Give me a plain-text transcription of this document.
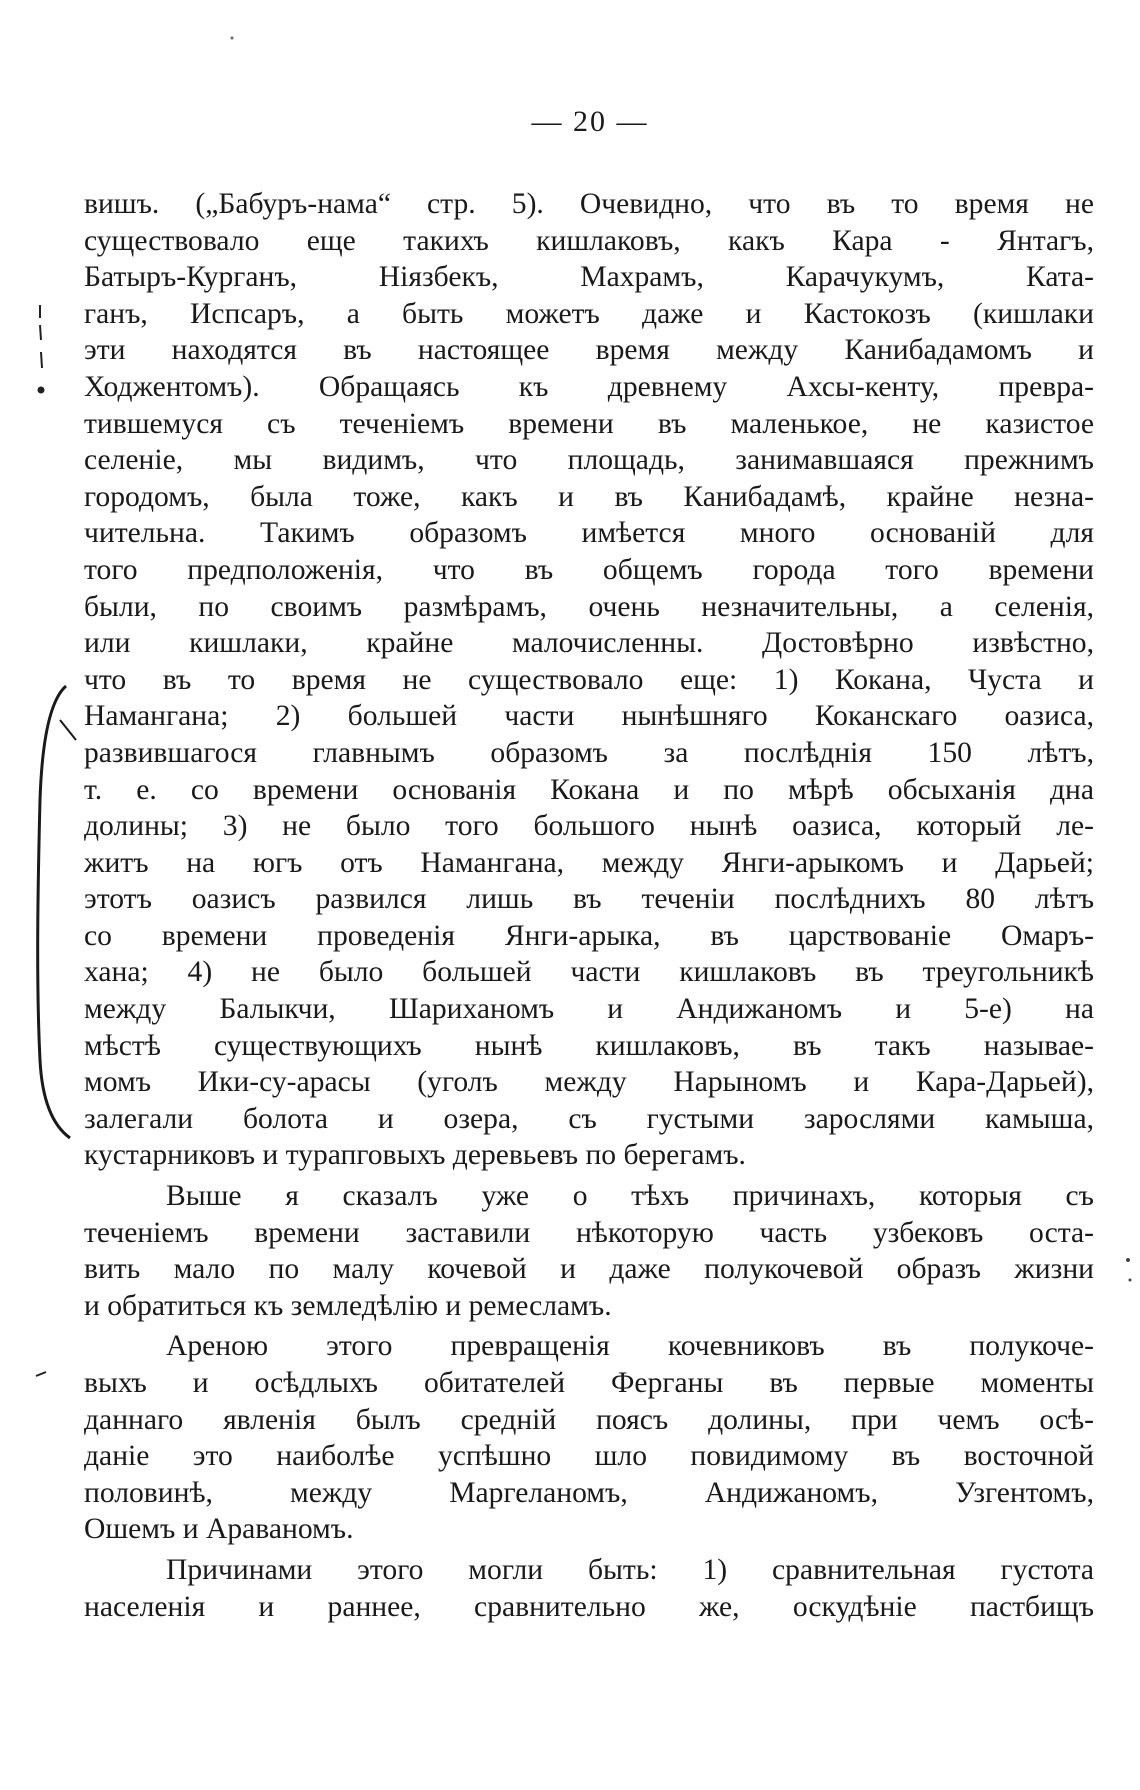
— 20 —
вишъ. („Бабуръ-нама“ стр. 5). Очевидно, что въ то время не
существовало еще такихъ кишлаковъ, какъ Кара - Янтагъ,
Батыръ-Курганъ, Ніязбекъ, Махрамъ, Карачукумъ, Ката-
ганъ, Испсаръ, а быть можетъ даже и Кастокозъ (кишлаки
эти находятся въ настоящее время между Канибадамомъ и
Ходжентомъ). Обращаясь къ древнему Ахсы-кенту, превра-
тившемуся съ теченіемъ времени въ маленькое, не казистое
селеніе, мы видимъ, что площадь, занимавшаяся прежнимъ
городомъ, была тоже, какъ и въ Канибадамѣ, крайне незна-
чительна. Такимъ образомъ имѣется много основаній для
того предположенія, что въ общемъ города того времени
были, по своимъ размѣрамъ, очень незначительны, а селенія,
или кишлаки, крайне малочисленны. Достовѣрно извѣстно,
что въ то время не существовало еще: 1) Кокана, Чуста и
Намангана; 2) большей части нынѣшняго Коканскаго оазиса,
развившагося главнымъ образомъ за послѣднія 150 лѣтъ,
т. е. со времени основанія Кокана и по мѣрѣ обсыханія дна
долины; 3) не было того большого нынѣ оазиса, который ле-
житъ на югъ отъ Намангана, между Янги-арыкомъ и Дарьей;
этотъ оазисъ развился лишь въ теченіи послѣднихъ 80 лѣтъ
со времени проведенія Янги-арыка, въ царствованіе Омаръ-
хана; 4) не было большей части кишлаковъ въ треугольникѣ
между Балыкчи, Шариханомъ и Андижаномъ и 5-е) на
мѣстѣ существующихъ нынѣ кишлаковъ, въ такъ называе-
момъ Ики-су-арасы (уголъ между Нарыномъ и Кара-Дарьей),
залегали болота и озера, съ густыми зарослями камыша,
кустарниковъ и турапговыхъ деревьевъ по берегамъ.
Выше я сказалъ уже о тѣхъ причинахъ, которыя съ
теченіемъ времени заставили нѣкоторую часть узбековъ оста-
вить мало по малу кочевой и даже полукочевой образъ жизни
и обратиться къ земледѣлію и ремесламъ.
Ареною этого превращенія кочевниковъ въ полукоче-
выхъ и осѣдлыхъ обитателей Ферганы въ первые моменты
даннаго явленія былъ средній поясъ долины, при чемъ осѣ-
даніе это наиболѣе успѣшно шло повидимому въ восточной
половинѣ, между Маргеланомъ, Андижаномъ, Узгентомъ,
Ошемъ и Араваномъ.
Причинами этого могли быть: 1) сравнительная густота
населенія и раннее, сравнительно же, оскудѣніе пастбищъ
